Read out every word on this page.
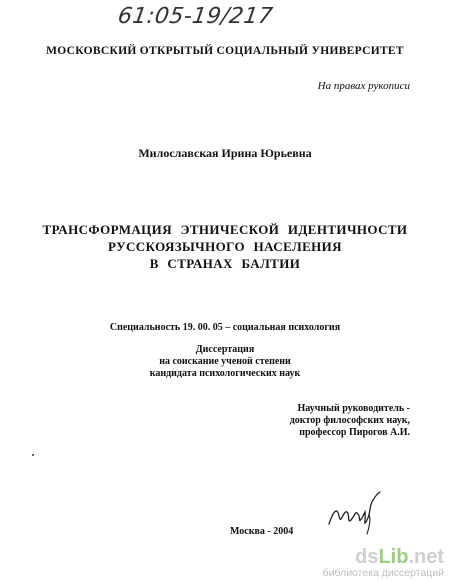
61:05-19/217
МОСКОВСКИЙ ОТКРЫТЫЙ СОЦИАЛЬНЫЙ УНИВЕРСИТЕТ
На правах рукописи
Милославская Ирина Юрьевна
ТРАНСФОРМАЦИЯ ЭТНИЧЕСКОЙ ИДЕНТИЧНОСТИ
РУССКОЯЗЫЧНОГО НАСЕЛЕНИЯ
В СТРАНАХ БАЛТИИ
Специальность 19. 00. 05 – социальная психология
Диссертация
на соискание ученой степени
кандидата психологических наук
Научный руководитель -
доктор философских наук,
профессор Пирогов А.И.
Москва - 2004
dsLib.net
библиотека диссертаций
